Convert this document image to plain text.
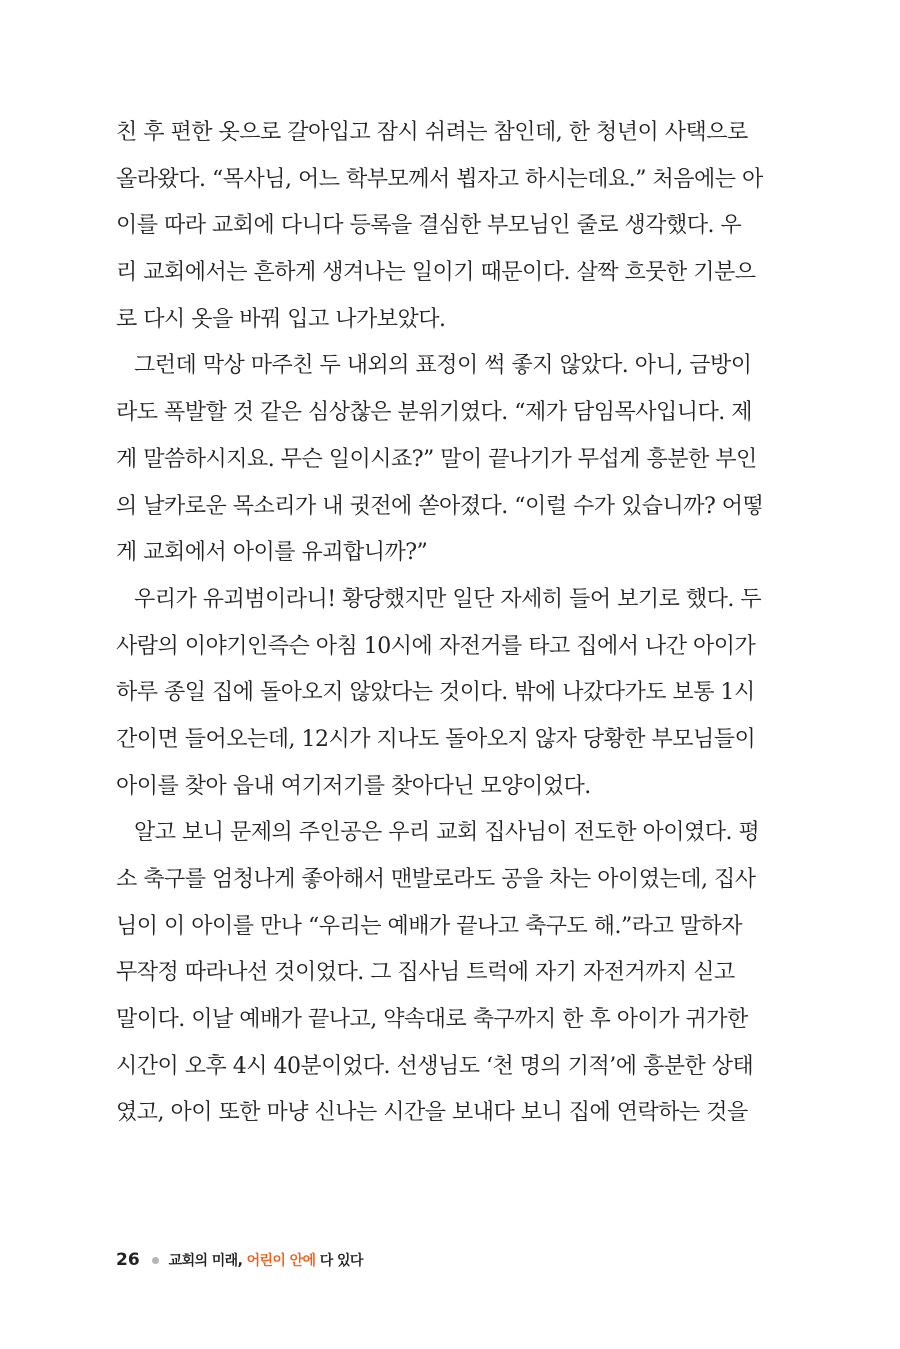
친 후 편한 옷으로 갈아입고 잠시 쉬려는 참인데, 한 청년이 사택으로
올라왔다. “목사님, 어느 학부모께서 뵙자고 하시는데요.” 처음에는 아
이를 따라 교회에 다니다 등록을 결심한 부모님인 줄로 생각했다. 우
리 교회에서는 흔하게 생겨나는 일이기 때문이다. 살짝 흐뭇한 기분으
로 다시 옷을 바꿔 입고 나가보았다.
그런데 막상 마주친 두 내외의 표정이 썩 좋지 않았다. 아니, 금방이
라도 폭발할 것 같은 심상찮은 분위기였다. “제가 담임목사입니다. 제
게 말씀하시지요. 무슨 일이시죠?” 말이 끝나기가 무섭게 흥분한 부인
의 날카로운 목소리가 내 귓전에 쏟아졌다. “이럴 수가 있습니까? 어떻
게 교회에서 아이를 유괴합니까?”
우리가 유괴범이라니! 황당했지만 일단 자세히 들어 보기로 했다. 두
사람의 이야기인즉슨 아침 10시에 자전거를 타고 집에서 나간 아이가
하루 종일 집에 돌아오지 않았다는 것이다. 밖에 나갔다가도 보통 1시
간이면 들어오는데, 12시가 지나도 돌아오지 않자 당황한 부모님들이
아이를 찾아 읍내 여기저기를 찾아다닌 모양이었다.
알고 보니 문제의 주인공은 우리 교회 집사님이 전도한 아이였다. 평
소 축구를 엄청나게 좋아해서 맨발로라도 공을 차는 아이였는데, 집사
님이 이 아이를 만나 “우리는 예배가 끝나고 축구도 해.”라고 말하자
무작정 따라나선 것이었다. 그 집사님 트럭에 자기 자전거까지 싣고
말이다. 이날 예배가 끝나고, 약속대로 축구까지 한 후 아이가 귀가한
시간이 오후 4시 40분이었다. 선생님도 ‘천 명의 기적’에 흥분한 상태
였고, 아이 또한 마냥 신나는 시간을 보내다 보니 집에 연락하는 것을
26 교회의 미래, 어린이 안에 다 있다
